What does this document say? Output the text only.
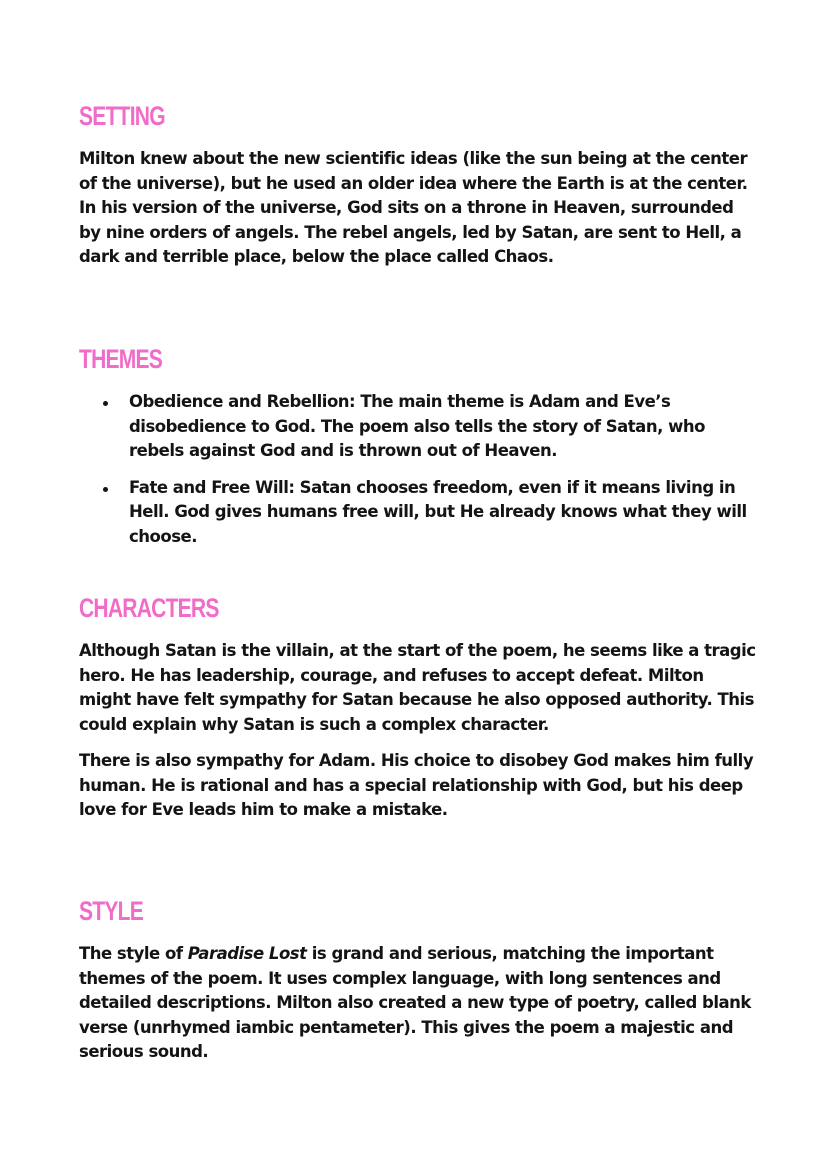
SETTING

Milton knew about the new scientific ideas (like the sun being at the center of the universe), but he used an older idea where the Earth is at the center. In his version of the universe, God sits on a throne in Heaven, surrounded by nine orders of angels. The rebel angels, led by Satan, are sent to Hell, a dark and terrible place, below the place called Chaos.

THEMES
Obedience and Rebellion: The main theme is Adam and Eve’s disobedience to God. The poem also tells the story of Satan, who rebels against God and is thrown out of Heaven.
Fate and Free Will: Satan chooses freedom, even if it means living in Hell. God gives humans free will, but He already knows what they will choose.
CHARACTERS

Although Satan is the villain, at the start of the poem, he seems like a tragic hero. He has leadership, courage, and refuses to accept defeat. Milton might have felt sympathy for Satan because he also opposed authority. This could explain why Satan is such a complex character.

There is also sympathy for Adam. His choice to disobey God makes him fully human. He is rational and has a special relationship with God, but his deep love for Eve leads him to make a mistake.

STYLE

The style of Paradise Lost is grand and serious, matching the important themes of the poem. It uses complex language, with long sentences and detailed descriptions. Milton also created a new type of poetry, called blank verse (unrhymed iambic pentameter). This gives the poem a majestic and serious sound.
